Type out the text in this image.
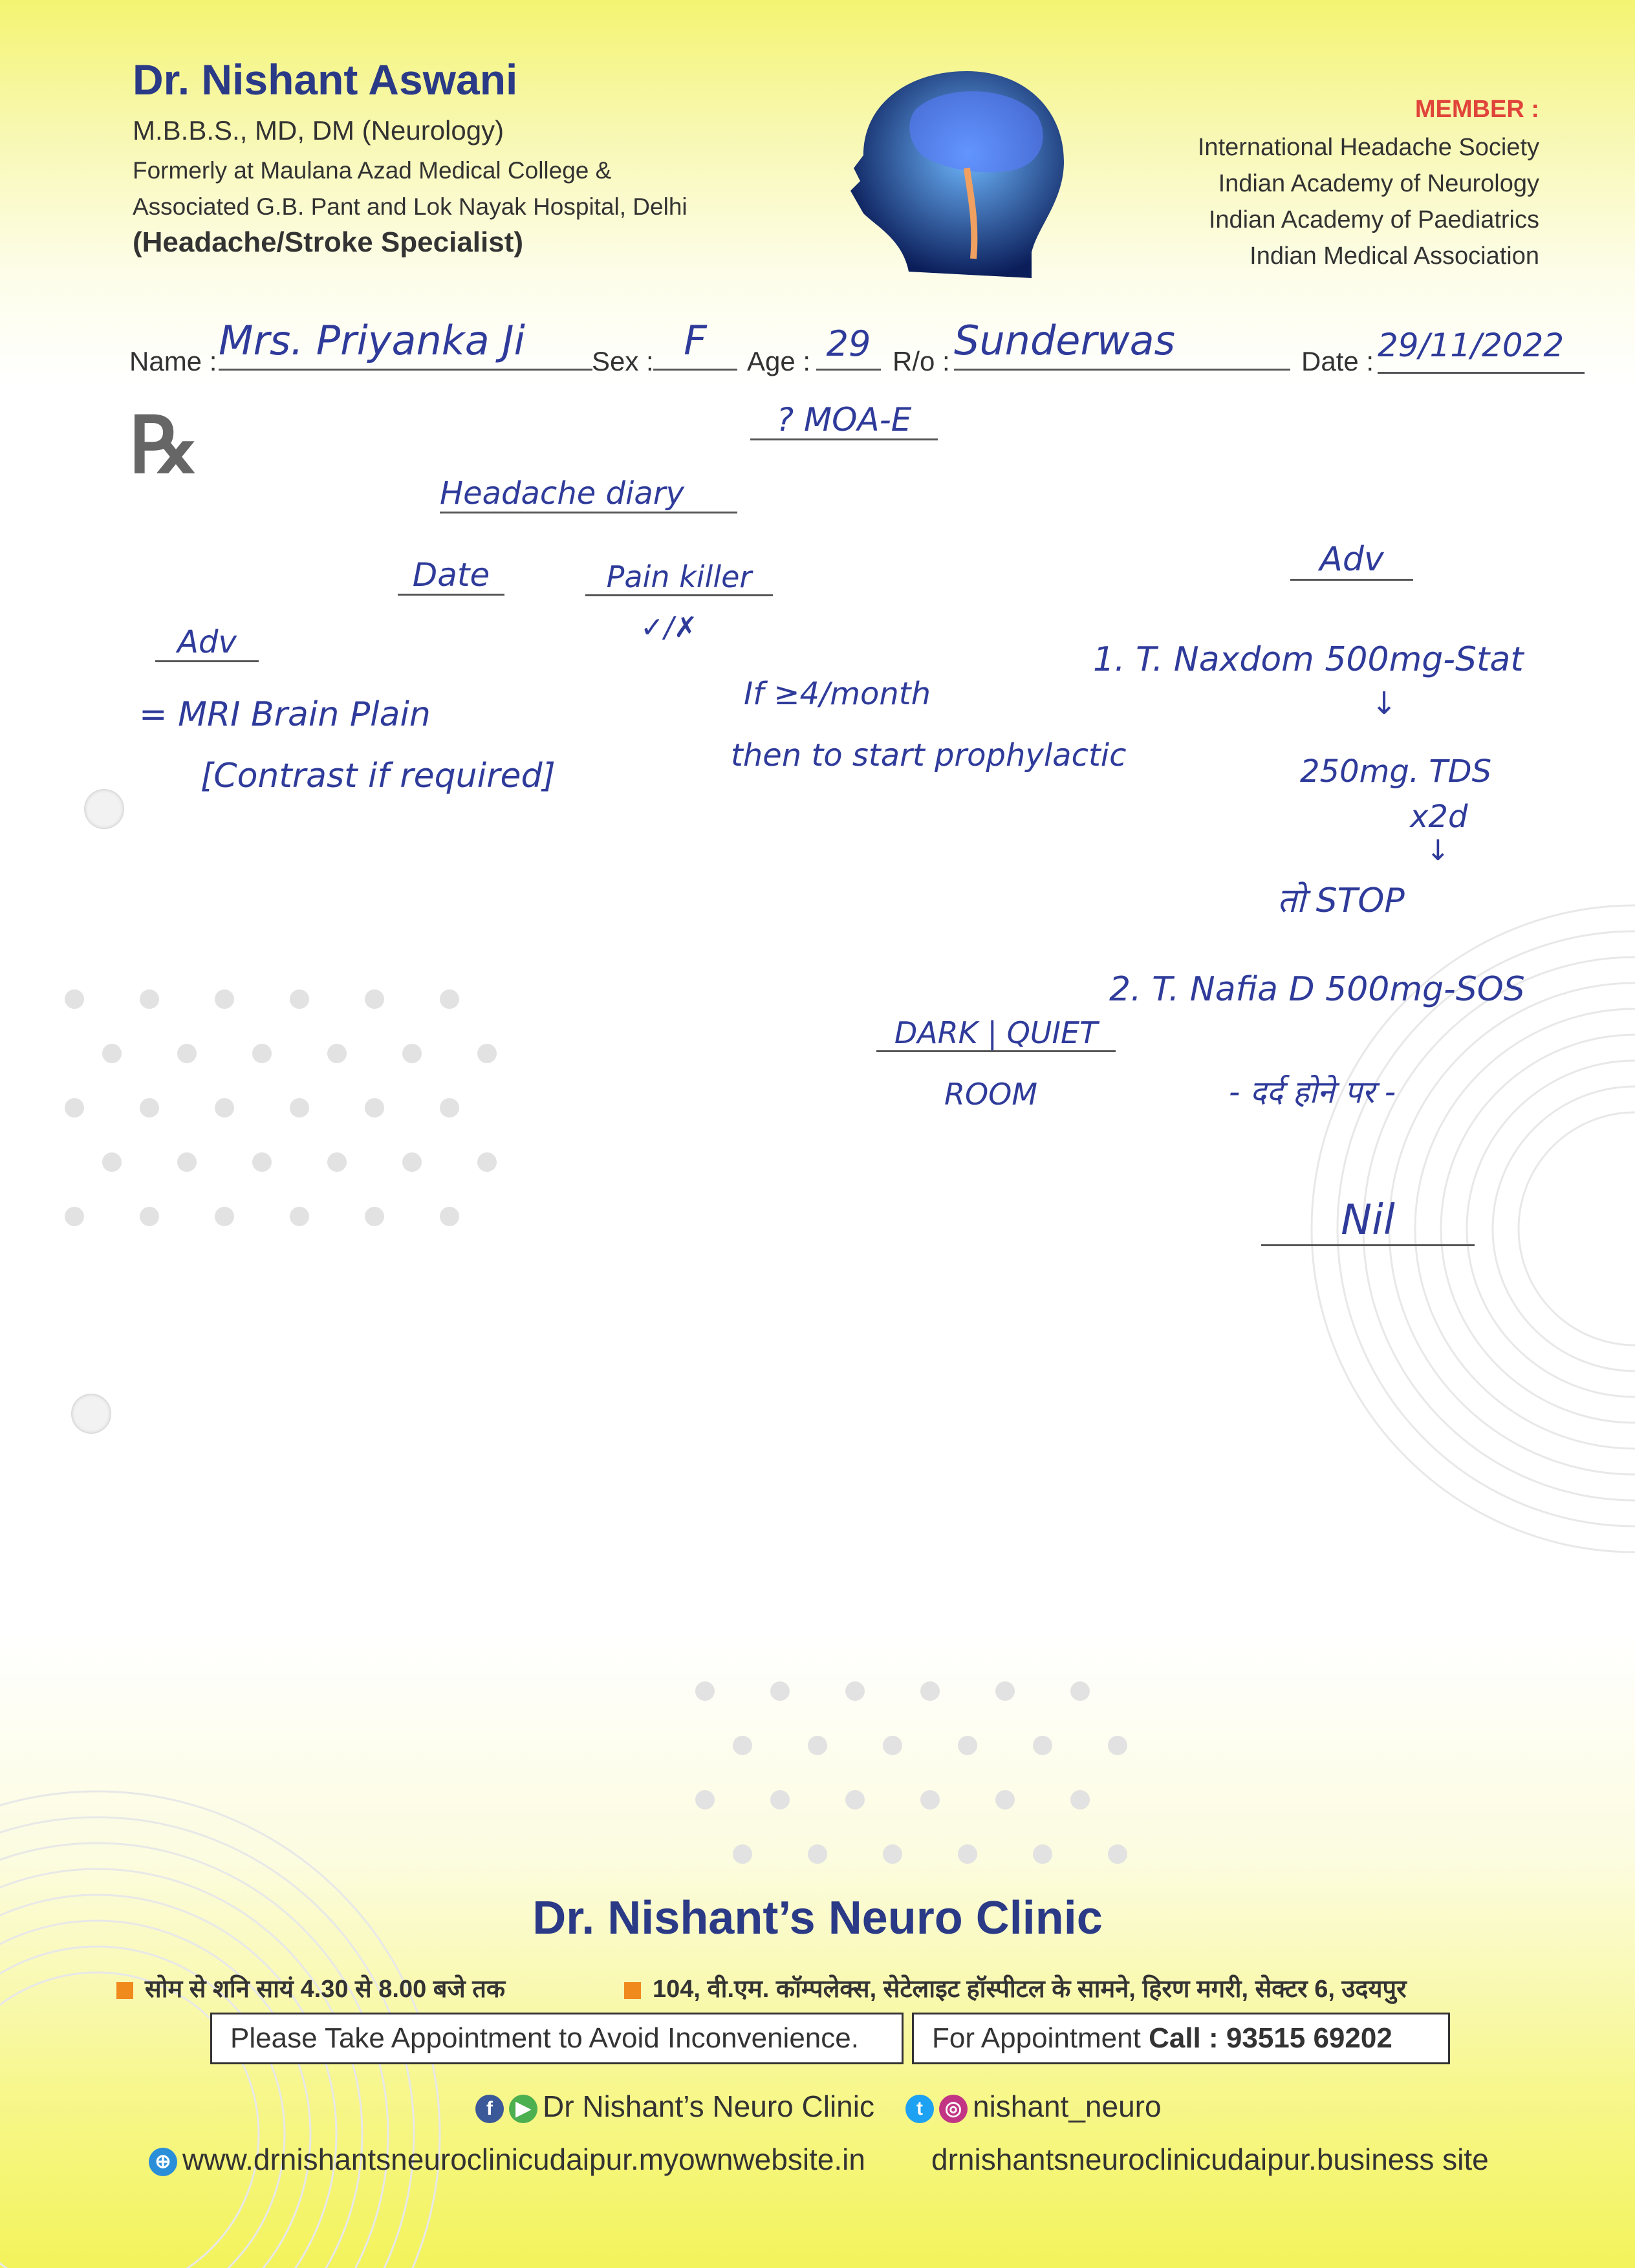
Dr. Nishant Aswani
M.B.B.S., MD, DM (Neurology)
Formerly at Maulana Azad Medical College &
Associated G.B. Pant and Lok Nayak Hospital, Delhi
(Headache/Stroke Specialist)
MEMBER :
International Headache Society
Indian Academy of Neurology
Indian Academy of Paediatrics
Indian Medical Association
Name : Mrs. Priyanka Ji	Sex : F	Age : 29 R/o : Sunderwas	Date : 29/11/2022
℞	? MOA-E
Headache diary
Date	Pain killer
✓/✗
Adv
= MRI Brain Plain
[Contrast if required]
If ≥4/month
then to start prophylactic
Adv
1. T. Naxdom 500mg-Stat
↓
250mg. TDS
x2d
↓
तो STOP
DARK | QUIET
ROOM
2. T. Nafia D 500mg-SOS
- दर्द होने पर -
Nil
Dr. Nishant’s Neuro Clinic
सोम से शनि सायं 4.30 से 8.00 बजे तक	104, वी.एम. कॉम्पलेक्स, सेटेलाइट हॉस्पीटल के सामने, हिरण मगरी, सेक्टर 6, उदयपुर
Please Take Appointment to Avoid Inconvenience.	For Appointment Call : 93515 69202
f ▶ Dr Nishant’s Neuro Clinic	t ◎ nishant_neuro
⊕ www.drnishantsneuroclinicudaipur.myownwebsite.in drnishantsneuroclinicudaipur.business site
